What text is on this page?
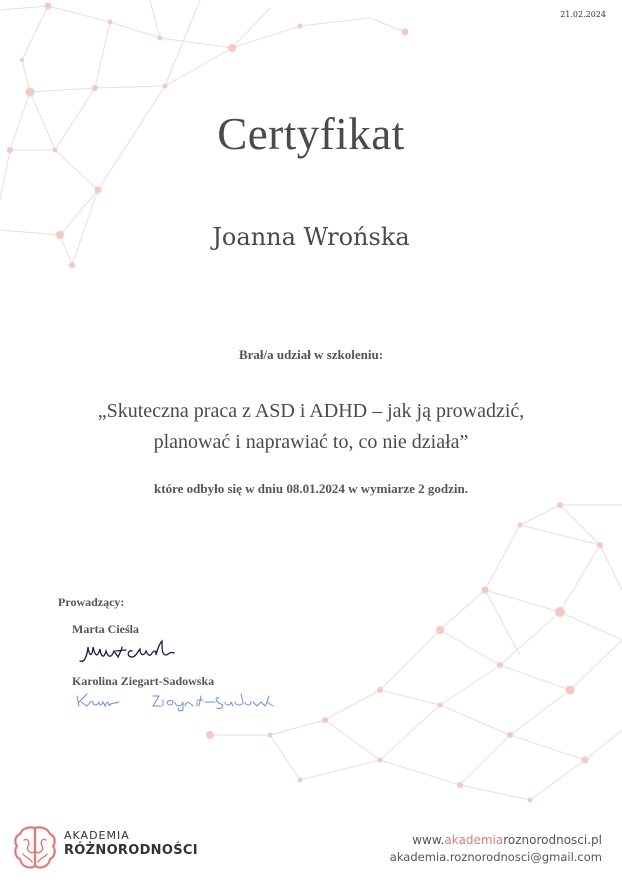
21.02.2024
Certyfikat
Joanna Wrońska
Brał/a udział w szkoleniu:
„Skuteczna praca z ASD i ADHD – jak ją prowadzić,
planować i naprawiać to, co nie działa”
które odbyło się w dniu 08.01.2024 w wymiarze 2 godzin.
Prowadzący:
Marta Cieśla
Karolina Ziegart-Sadowska
AKADEMIA
RÓŻNORODNOŚCI
www.akademiaroznorodnosci.pl
akademia.roznorodnosci@gmail.com
